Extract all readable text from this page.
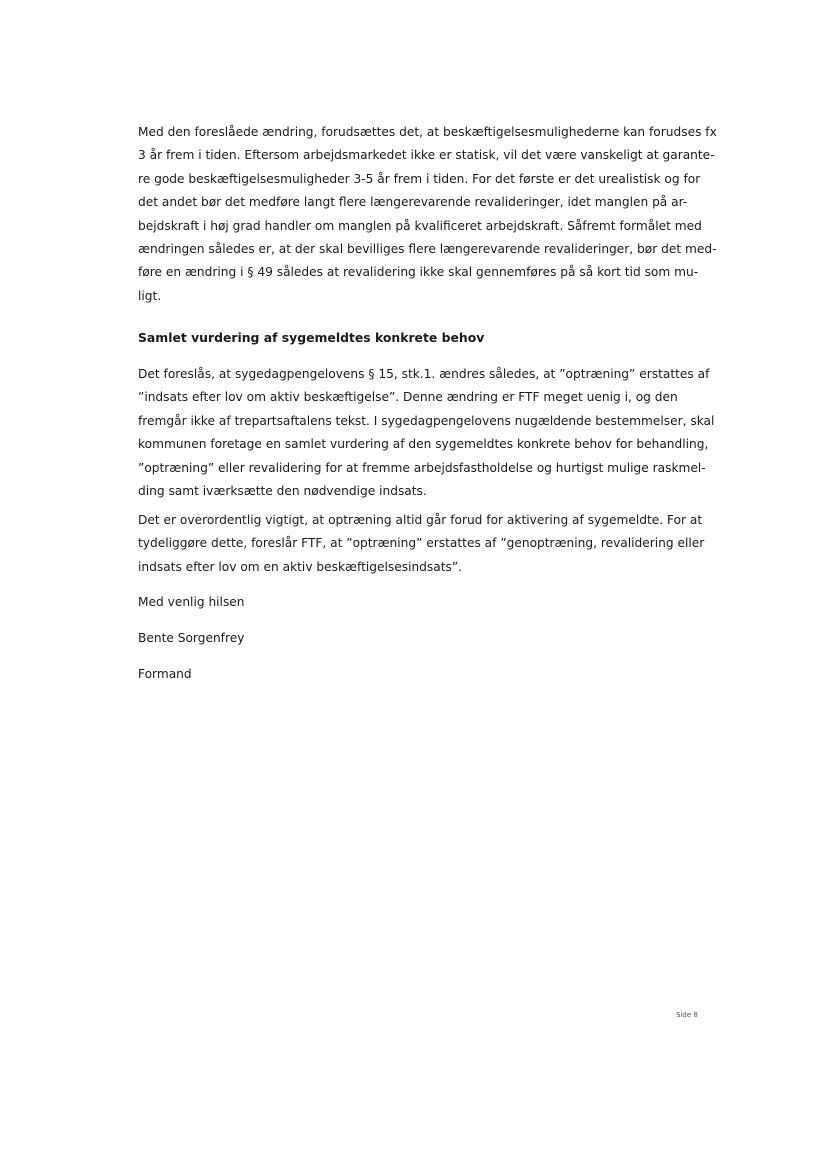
Med den foreslåede ændring, forudsættes det, at beskæftigelsesmulighederne kan forudses fx
3 år frem i tiden. Eftersom arbejdsmarkedet ikke er statisk, vil det være vanskeligt at garante-
re gode beskæftigelsesmuligheder 3-5 år frem i tiden. For det første er det urealistisk og for
det andet bør det medføre langt flere længerevarende revalideringer, idet manglen på ar-
bejdskraft i høj grad handler om manglen på kvalificeret arbejdskraft. Såfremt formålet med
ændringen således er, at der skal bevilliges flere længerevarende revalideringer, bør det med-
føre en ændring i § 49 således at revalidering ikke skal gennemføres på så kort tid som mu-
ligt.
Samlet vurdering af sygemeldtes konkrete behov
Det foreslås, at sygedagpengelovens § 15, stk.1. ændres således, at ”optræning” erstattes af
”indsats efter lov om aktiv beskæftigelse”. Denne ændring er FTF meget uenig i, og den
fremgår ikke af trepartsaftalens tekst. I sygedagpengelovens nugældende bestemmelser, skal
kommunen foretage en samlet vurdering af den sygemeldtes konkrete behov for behandling,
”optræning” eller revalidering for at fremme arbejdsfastholdelse og hurtigst mulige raskmel-
ding samt iværksætte den nødvendige indsats.
Det er overordentlig vigtigt, at optræning altid går forud for aktivering af sygemeldte. For at
tydeliggøre dette, foreslår FTF, at ”optræning” erstattes af ”genoptræning, revalidering eller
indsats efter lov om en aktiv beskæftigelsesindsats”.

Med venlig hilsen

Bente Sorgenfrey

Formand

Side 8
